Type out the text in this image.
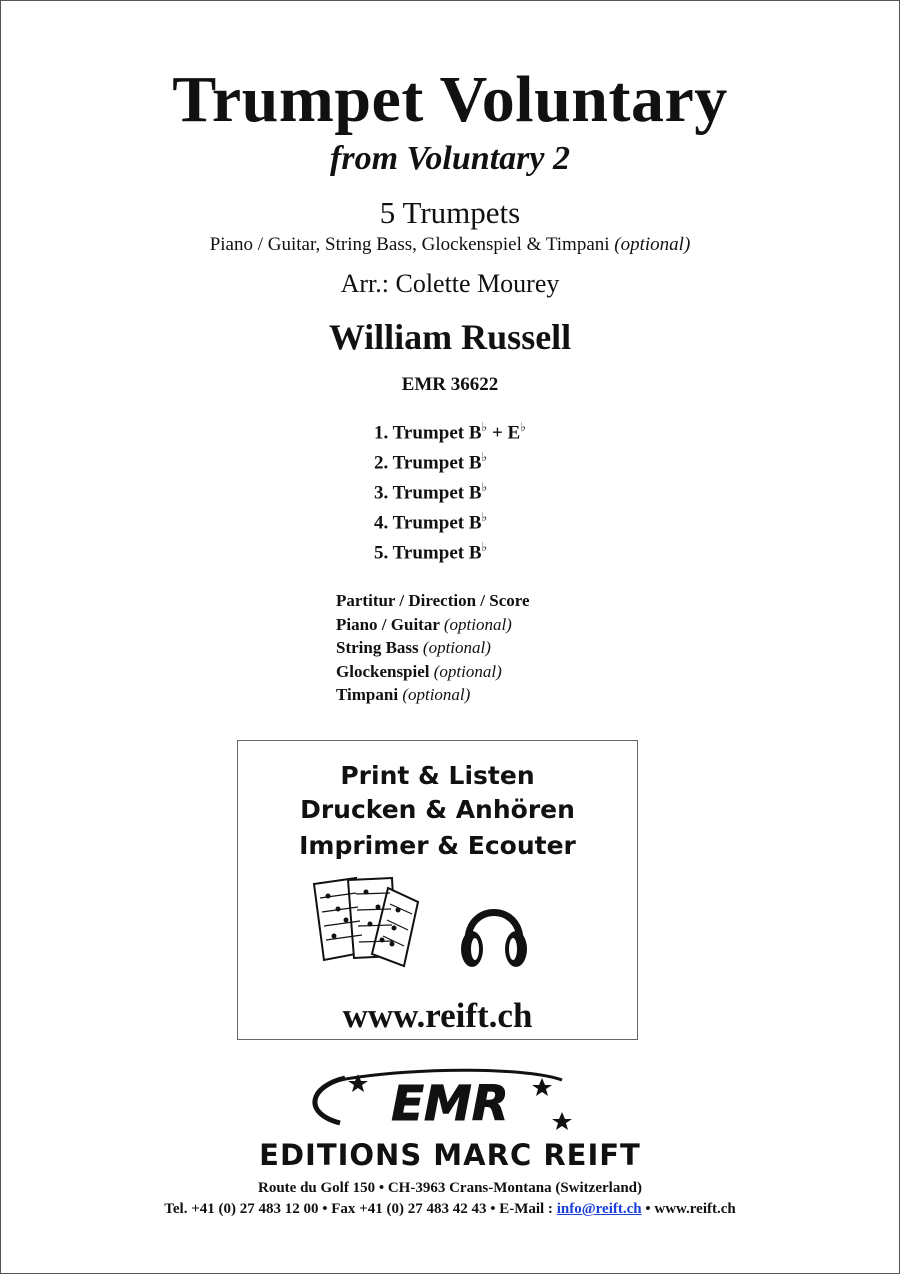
Trumpet Voluntary
from Voluntary 2
5 Trumpets
Piano / Guitar, String Bass, Glockenspiel & Timpani (optional)
Arr.: Colette Mourey
William Russell
EMR 36622
1. Trumpet B♭ + E♭
2. Trumpet B♭
3. Trumpet B♭
4. Trumpet B♭
5. Trumpet B♭
Partitur / Direction / Score
Piano / Guitar (optional)
String Bass (optional)
Glockenspiel (optional)
Timpani (optional)
Print & Listen
Drucken & Anhören
Imprimer & Ecouter
www.reift.ch
EMR
EDITIONS MARC REIFT
Route du Golf 150 • CH-3963 Crans-Montana (Switzerland)
Tel. +41 (0) 27 483 12 00 • Fax +41 (0) 27 483 42 43 • E-Mail : info@reift.ch • www.reift.ch
